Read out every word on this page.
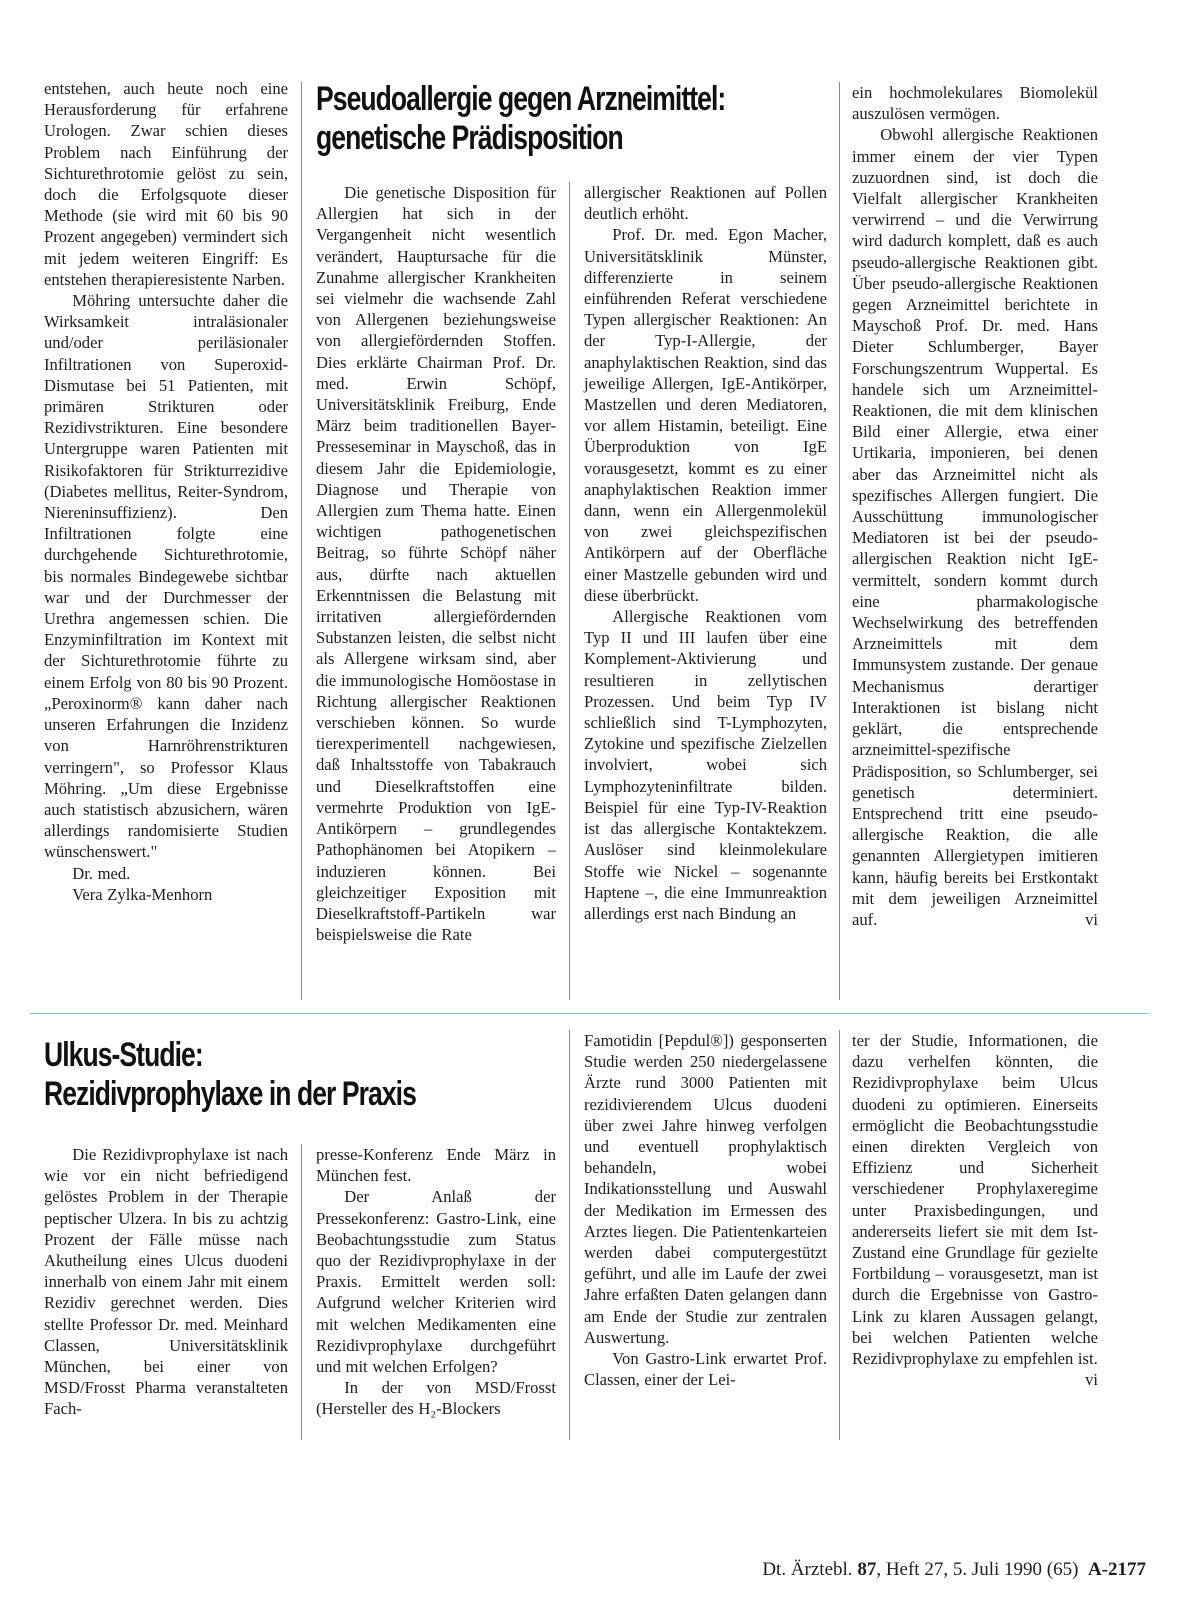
entstehen, auch heute noch eine Herausforderung für erfahrene Urologen. Zwar schien dieses Problem nach Einführung der Sichturethrotomie gelöst zu sein, doch die Erfolgsquote dieser Methode (sie wird mit 60 bis 90 Prozent angegeben) vermindert sich mit jedem weiteren Eingriff: Es entstehen therapieresistente Narben.

Möhring untersuchte daher die Wirksamkeit intraläsionaler und/oder periläsionaler Infiltrationen von Superoxid-Dismutase bei 51 Patienten, mit primären Strikturen oder Rezidivstrikturen. Eine besondere Untergruppe waren Patienten mit Risikofaktoren für Strikturrezidive (Diabetes mellitus, Reiter-Syndrom, Niereninsuffizienz). Den Infiltrationen folgte eine durchgehende Sichturethrotomie, bis normales Bindegewebe sichtbar war und der Durchmesser der Urethra angemessen schien. Die Enzyminfiltration im Kontext mit der Sichturethrotomie führte zu einem Erfolg von 80 bis 90 Prozent. „Peroxinorm® kann daher nach unseren Erfahrungen die Inzidenz von Harnröhrenstrikturen verringern", so Professor Klaus Möhring. „Um diese Ergebnisse auch statistisch abzusichern, wären allerdings randomisierte Studien wünschenswert."

Dr. med.

Vera Zylka-Menhorn

Pseudoallergie gegen Arzneimittel:
genetische Prädisposition

Die genetische Disposition für Allergien hat sich in der Vergangenheit nicht wesentlich verändert, Hauptursache für die Zunahme allergischer Krankheiten sei vielmehr die wachsende Zahl von Allergenen beziehungsweise von allergiefördernden Stoffen. Dies erklärte Chairman Prof. Dr. med. Erwin Schöpf, Universitätsklinik Freiburg, Ende März beim traditionellen Bayer-Presseseminar in Mayschoß, das in diesem Jahr die Epidemiologie, Diagnose und Therapie von Allergien zum Thema hatte. Einen wichtigen pathogenetischen Beitrag, so führte Schöpf näher aus, dürfte nach aktuellen Erkenntnissen die Belastung mit irritativen allergiefördernden Substanzen leisten, die selbst nicht als Allergene wirksam sind, aber die immunologische Homöostase in Richtung allergischer Reaktionen verschieben können. So wurde tierexperimentell nachgewiesen, daß Inhaltsstoffe von Tabakrauch und Dieselkraftstoffen eine vermehrte Produktion von IgE-Antikörpern – grundlegendes Pathophänomen bei Atopikern – induzieren können. Bei gleichzeitiger Exposition mit Dieselkraftstoff-Partikeln war beispielsweise die Rate

allergischer Reaktionen auf Pollen deutlich erhöht.

Prof. Dr. med. Egon Macher, Universitätsklinik Münster, differenzierte in seinem einführenden Referat verschiedene Typen allergischer Reaktionen: An der Typ-I-Allergie, der anaphylaktischen Reaktion, sind das jeweilige Allergen, IgE-Antikörper, Mastzellen und deren Mediatoren, vor allem Histamin, beteiligt. Eine Überproduktion von IgE vorausgesetzt, kommt es zu einer anaphylaktischen Reaktion immer dann, wenn ein Allergenmolekül von zwei gleichspezifischen Antikörpern auf der Oberfläche einer Mastzelle gebunden wird und diese überbrückt.

Allergische Reaktionen vom Typ II und III laufen über eine Komplement-Aktivierung und resultieren in zellytischen Prozessen. Und beim Typ IV schließlich sind T-Lymphozyten, Zytokine und spezifische Zielzellen involviert, wobei sich Lymphozyteninfiltrate bilden. Beispiel für eine Typ-IV-Reaktion ist das allergische Kontaktekzem. Auslöser sind kleinmolekulare Stoffe wie Nickel – sogenannte Haptene –, die eine Immunreaktion allerdings erst nach Bindung an

ein hochmolekulares Biomolekül auszulösen vermögen.

Obwohl allergische Reaktionen immer einem der vier Typen zuzuordnen sind, ist doch die Vielfalt allergischer Krankheiten verwirrend – und die Verwirrung wird dadurch komplett, daß es auch pseudo-allergische Reaktionen gibt. Über pseudo-allergische Reaktionen gegen Arzneimittel berichtete in Mayschoß Prof. Dr. med. Hans Dieter Schlumberger, Bayer Forschungszentrum Wuppertal. Es handele sich um Arzneimittel-Reaktionen, die mit dem klinischen Bild einer Allergie, etwa einer Urtikaria, imponieren, bei denen aber das Arzneimittel nicht als spezifisches Allergen fungiert. Die Ausschüttung immunologischer Mediatoren ist bei der pseudo-allergischen Reaktion nicht IgE-vermittelt, sondern kommt durch eine pharmakologische Wechselwirkung des betreffenden Arzneimittels mit dem Immunsystem zustande. Der genaue Mechanismus derartiger Interaktionen ist bislang nicht geklärt, die entsprechende arzneimittel-spezifische Prädisposition, so Schlumberger, sei genetisch determiniert. Entsprechend tritt eine pseudo-allergische Reaktion, die alle genannten Allergietypen imitieren kann, häufig bereits bei Erstkontakt mit dem jeweiligen Arzneimittel auf.	vi

Ulkus-Studie:
Rezidivprophylaxe in der Praxis

Die Rezidivprophylaxe ist nach wie vor ein nicht befriedigend gelöstes Problem in der Therapie peptischer Ulzera. In bis zu achtzig Prozent der Fälle müsse nach Akutheilung eines Ulcus duodeni innerhalb von einem Jahr mit einem Rezidiv gerechnet werden. Dies stellte Professor Dr. med. Meinhard Classen, Universitätsklinik München, bei einer von MSD/Frosst Pharma veranstalteten Fach-

presse-Konferenz Ende März in München fest.

Der Anlaß der Pressekonferenz: Gastro-Link, eine Beobachtungsstudie zum Status quo der Rezidivprophylaxe in der Praxis. Ermittelt werden soll: Aufgrund welcher Kriterien wird mit welchen Medikamenten eine Rezidivprophylaxe durchgeführt und mit welchen Erfolgen?

In der von MSD/Frosst (Hersteller des H₂-Blockers

Famotidin [Pepdul®]) gesponserten Studie werden 250 niedergelassene Ärzte rund 3000 Patienten mit rezidivierendem Ulcus duodeni über zwei Jahre hinweg verfolgen und eventuell prophylaktisch behandeln, wobei Indikationsstellung und Auswahl der Medikation im Ermessen des Arztes liegen. Die Patientenkarteien werden dabei computergestützt geführt, und alle im Laufe der zwei Jahre erfaßten Daten gelangen dann am Ende der Studie zur zentralen Auswertung.

Von Gastro-Link erwartet Prof. Classen, einer der Lei-

ter der Studie, Informationen, die dazu verhelfen könnten, die Rezidivprophylaxe beim Ulcus duodeni zu optimieren. Einerseits ermöglicht die Beobachtungsstudie einen direkten Vergleich von Effizienz und Sicherheit verschiedener Prophylaxeregime unter Praxisbedingungen, und andererseits liefert sie mit dem Ist-Zustand eine Grundlage für gezielte Fortbildung – vorausgesetzt, man ist durch die Ergebnisse von Gastro-Link zu klaren Aussagen gelangt, bei welchen Patienten welche Rezidivprophylaxe zu empfehlen ist.
vi

Dt. Ärztebl. 87, Heft 27, 5. Juli 1990 (65) A-2177
